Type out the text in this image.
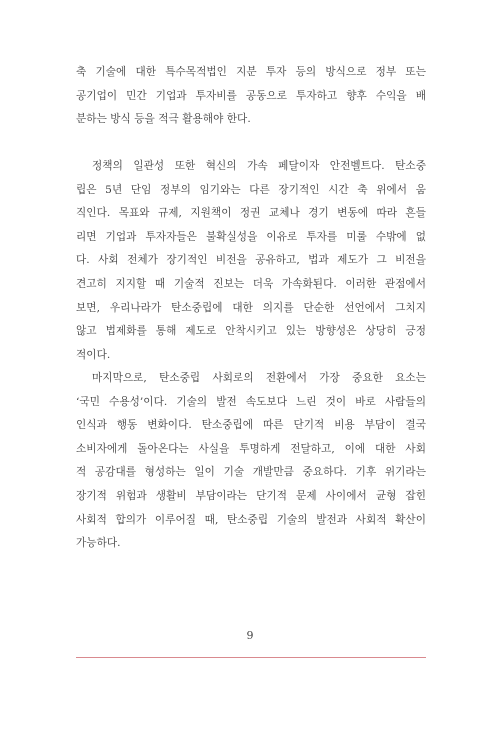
축 기술에 대한 특수목적법인 지분 투자 등의 방식으로 정부 또는
공기업이 민간 기업과 투자비를 공동으로 투자하고 향후 수익을 배
분하는 방식 등을 적극 활용해야 한다.

정책의 일관성 또한 혁신의 가속 페달이자 안전벨트다. 탄소중
립은 5년 단임 정부의 임기와는 다른 장기적인 시간 축 위에서 움
직인다. 목표와 규제, 지원책이 정권 교체나 경기 변동에 따라 흔들
리면 기업과 투자자들은 불확실성을 이유로 투자를 미룰 수밖에 없
다. 사회 전체가 장기적인 비전을 공유하고, 법과 제도가 그 비전을
견고히 지지할 때 기술적 진보는 더욱 가속화된다. 이러한 관점에서
보면, 우리나라가 탄소중립에 대한 의지를 단순한 선언에서 그치지
않고 법제화를 통해 제도로 안착시키고 있는 방향성은 상당히 긍정
적이다.

마지막으로, 탄소중립 사회로의 전환에서 가장 중요한 요소는
‘국민 수용성’이다. 기술의 발전 속도보다 느린 것이 바로 사람들의
인식과 행동 변화이다. 탄소중립에 따른 단기적 비용 부담이 결국
소비자에게 돌아온다는 사실을 투명하게 전달하고, 이에 대한 사회
적 공감대를 형성하는 일이 기술 개발만큼 중요하다. 기후 위기라는
장기적 위험과 생활비 부담이라는 단기적 문제 사이에서 균형 잡힌
사회적 합의가 이루어질 때, 탄소중립 기술의 발전과 사회적 확산이
가능하다.

9
